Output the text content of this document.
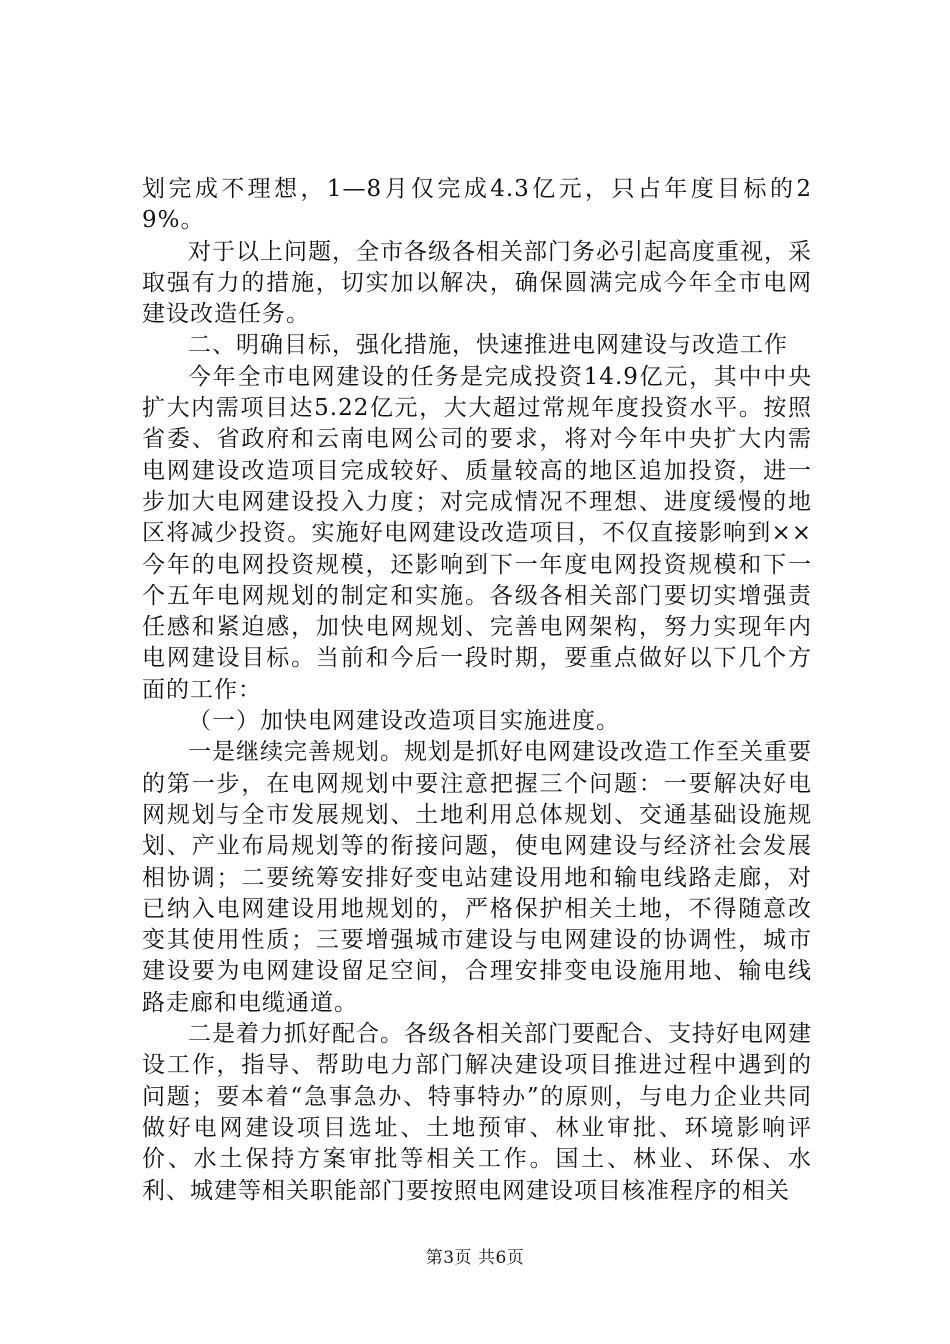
划完成不理想，1—8月仅完成4.3亿元，只占年度目标的29%。

对于以上问题，全市各级各相关部门务必引起高度重视，采取强有力的措施，切实加以解决，确保圆满完成今年全市电网建设改造任务。

二、明确目标，强化措施，快速推进电网建设与改造工作

今年全市电网建设的任务是完成投资14.9亿元，其中中央扩大内需项目达5.22亿元，大大超过常规年度投资水平。按照省委、省政府和云南电网公司的要求，将对今年中央扩大内需电网建设改造项目完成较好、质量较高的地区追加投资，进一步加大电网建设投入力度；对完成情况不理想、进度缓慢的地区将减少投资。实施好电网建设改造项目，不仅直接影响到××今年的电网投资规模，还影响到下一年度电网投资规模和下一个五年电网规划的制定和实施。各级各相关部门要切实增强责任感和紧迫感，加快电网规划、完善电网架构，努力实现年内电网建设目标。当前和今后一段时期，要重点做好以下几个方面的工作：

（一）加快电网建设改造项目实施进度。

一是继续完善规划。规划是抓好电网建设改造工作至关重要的第一步，在电网规划中要注意把握三个问题：一要解决好电网规划与全市发展规划、土地利用总体规划、交通基础设施规划、产业布局规划等的衔接问题，使电网建设与经济社会发展相协调；二要统筹安排好变电站建设用地和输电线路走廊，对已纳入电网建设用地规划的，严格保护相关土地，不得随意改变其使用性质；三要增强城市建设与电网建设的协调性，城市建设要为电网建设留足空间，合理安排变电设施用地、输电线路走廊和电缆通道。

二是着力抓好配合。各级各相关部门要配合、支持好电网建设工作，指导、帮助电力部门解决建设项目推进过程中遇到的问题；要本着“急事急办、特事特办”的原则，与电力企业共同做好电网建设项目选址、土地预审、林业审批、环境影响评价、水土保持方案审批等相关工作。国土、林业、环保、水利、城建等相关职能部门要按照电网建设项目核准程序的相关

第3页 共6页
